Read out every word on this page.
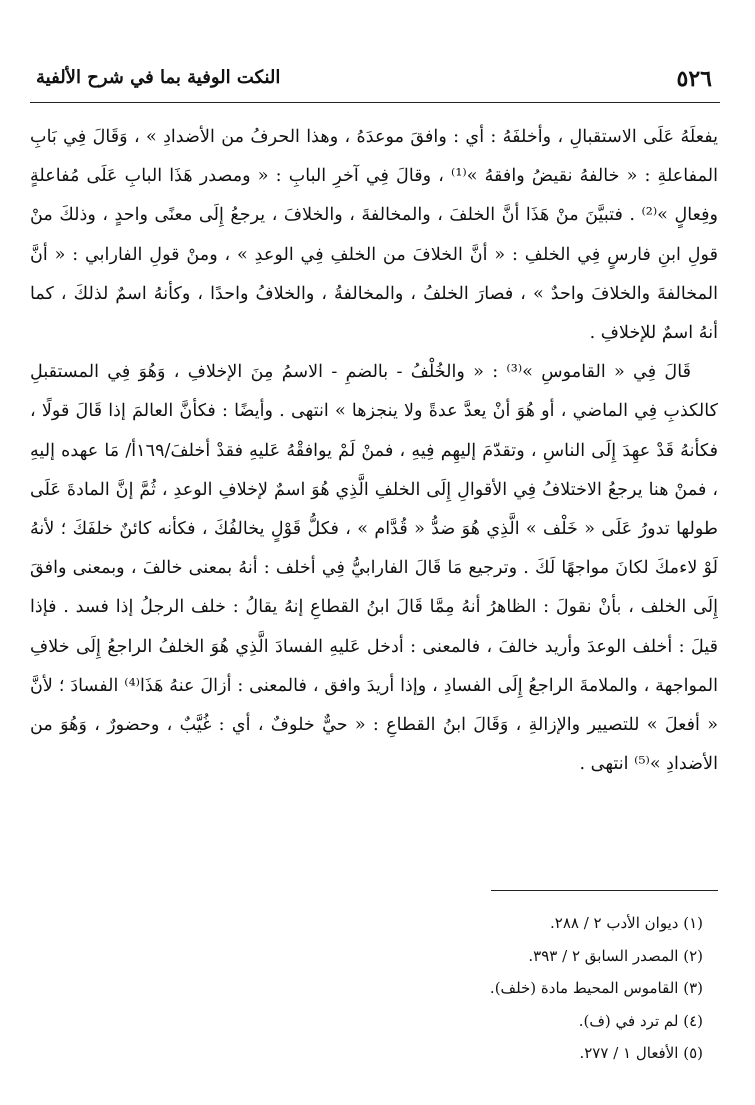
٥٢٦
النكت الوفية بما في شرح الألفية

يفعلَهُ عَلَى الاستقبالِ ، وأخلفَهُ : أي : وافقَ موعدَهُ ، وهذا الحرفُ من الأضدادِ » ، وَقَالَ فِي بَابِ المفاعلةِ : « خالفهُ نقيضُ وافقهُ »⁽¹⁾ ، وقالَ فِي آخرِ البابِ : « ومصدر هَذَا البابِ عَلَى مُفاعلةٍ وفِعالٍ »⁽²⁾ . فتبيَّنَ منْ هَذَا أنَّ الخلفَ ، والمخالفةَ ، والخلافَ ، يرجعُ إِلَى معنًى واحدٍ ، وذلكَ منْ قولِ ابنِ فارسٍ فِي الخلفِ : « أنَّ الخلافَ من الخلفِ فِي الوعدِ » ، ومنْ قولِ الفارابي : « أنَّ المخالفةَ والخلافَ واحدٌ » ، فصارَ الخلفُ ، والمخالفةُ ، والخلافُ واحدًا ، وكأنهُ اسمٌ لذلكَ ، كما أنهُ اسمٌ للإخلافِ .

قَالَ فِي « القاموسِ »⁽³⁾ : « والخُلْفُ - بالضمِ - الاسمُ مِنَ الإخلافِ ، وَهُوَ فِي المستقبلِ كالكذبِ فِي الماضي ، أو هُوَ أنْ يعدَّ عدةً ولا ينجزها » انتهى . وأيضًا : فكأنَّ العالمَ إذا قَالَ قولًا ، فكأنهُ قَدْ عهِدَ إِلَى الناسِ ، وتقدّمَ إليهِم فِيهِ ، فمنْ لَمْ يوافقْهُ عَليهِ فقدْ أخلفَ/١٦٩أ/ مَا عهده إليهِ ، فمنْ هنا يرجعُ الاختلافُ فِي الأقوالِ إِلَى الخلفِ الَّذِي هُوَ اسمٌ لإخلافِ الوعدِ ، ثُمَّ إنَّ المادةَ عَلَى طولها تدورُ عَلَى « خَلْف » الَّذِي هُوَ ضدُّ « قُدَّام » ، فكلُّ قَوْلٍ يخالفُكَ ، فكأنه كائنٌ خلفَكَ ؛ لأنهُ لَوْ لاءمكَ لكانَ مواجهًا لَكَ . وترجيع مَا قَالَ الفارابيُّ فِي أخلف : أنهُ بمعنى خالفَ ، وبمعنى وافقَ إِلَى الخلف ، بأنْ نقولَ : الظاهرُ أنهُ مِمَّا قَالَ ابنُ القطاعِ إنهُ يقالُ : خلف الرجلُ إذا فسد . فإذا قيلَ : أخلف الوعدَ وأريد خالفَ ، فالمعنى : أدخل عَليهِ الفسادَ الَّذِي هُوَ الخلفُ الراجعُ إِلَى خلافِ المواجهة ، والملامةَ الراجعُ إِلَى الفسادِ ، وإذا أريدَ وافق ، فالمعنى : أزالَ عنهُ هَذَا⁽⁴⁾ الفسادَ ؛ لأنَّ « أفعلَ » للتصيير والإزالةِ ، وَقَالَ ابنُ القطاعِ : « حيٌّ خلوفٌ ، أي : غُيَّبٌ ، وحضورٌ ، وَهُوَ من الأضدادِ »⁽⁵⁾ انتهى .

(١) ديوان الأدب ٢ / ٢٨٨.
(٢) المصدر السابق ٢ / ٣٩٣.
(٣) القاموس المحيط مادة (خلف).
(٤) لم ترد في (ف).
(٥) الأفعال ١ / ٢٧٧.
